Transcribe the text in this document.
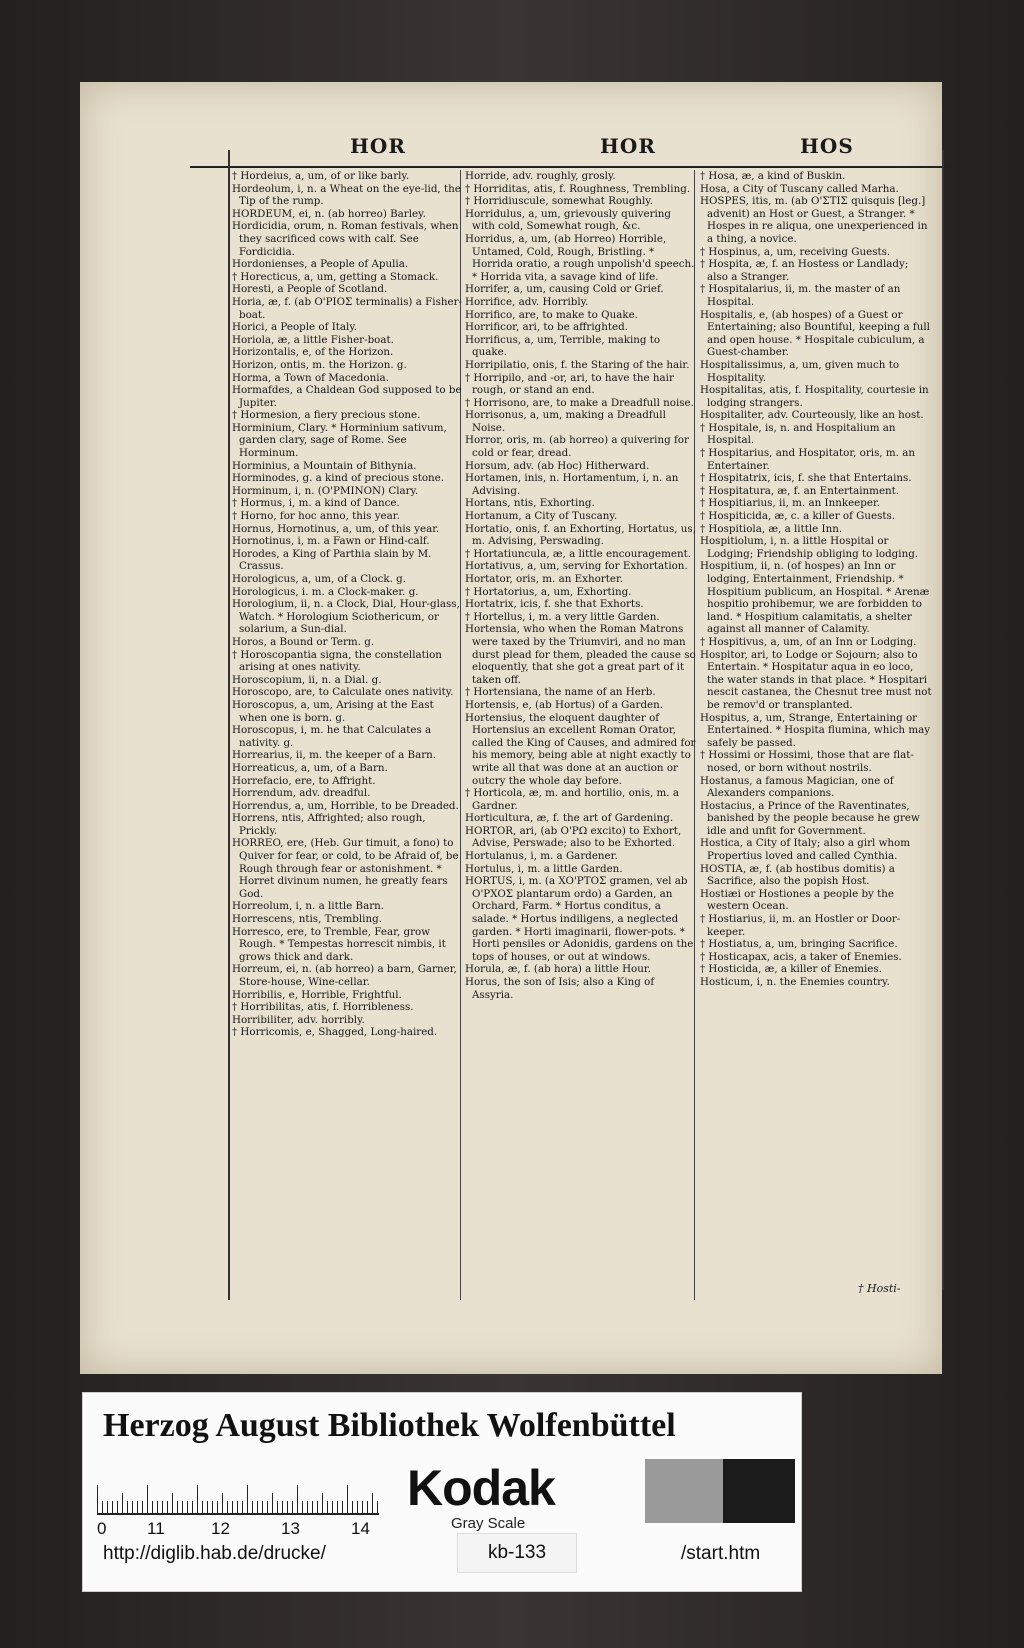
HOR	HOR	HOS

† Hordeius, a, um, of or like barly.

Hordeolum, i, n. a Wheat on the eye-lid, the Tip of the rump.

HORDEUM, ei, n. (ab horreo) Barley.

Hordicidia, orum, n. Roman festivals, when they sacrificed cows with calf. See Fordicidia.

Hordonienses, a People of Apulia.

† Horecticus, a, um, getting a Stomack.

Horesti, a People of Scotland.

Horia, æ, f. (ab O'PIOΣ terminalis) a Fisher-boat.

Horici, a People of Italy.

Horiola, æ, a little Fisher-boat.

Horizontalis, e, of the Horizon.

Horizon, ontis, m. the Horizon. g.

Horma, a Town of Macedonia.

Hormafdes, a Chaldean God supposed to be Jupiter.

† Hormesion, a fiery precious stone.

Horminium, Clary. * Horminium sativum, garden clary, sage of Rome. See Horminum.

Horminius, a Mountain of Bithynia.

Horminodes, g. a kind of precious stone.

Horminum, i, n. (O'PMINON) Clary.

† Hormus, i, m. a kind of Dance.

† Horno, for hoc anno, this year.

Hornus, Hornotinus, a, um, of this year.

Hornotinus, i, m. a Fawn or Hind-calf.

Horodes, a King of Parthia slain by M. Crassus.

Horologicus, a, um, of a Clock. g.

Horologicus, i. m. a Clock-maker. g.

Horologium, ii, n. a Clock, Dial, Hour-glass, Watch. * Horologium Sciothericum, or solarium, a Sun-dial.

Horos, a Bound or Term. g.

† Horoscopantia signa, the constellation arising at ones nativity.

Horoscopium, ii, n. a Dial. g.

Horoscopo, are, to Calculate ones nativity.

Horoscopus, a, um, Arising at the East when one is born. g.

Horoscopus, i, m. he that Calculates a nativity. g.

Horrearius, ii, m. the keeper of a Barn.

Horreaticus, a, um, of a Barn.

Horrefacio, ere, to Affright.

Horrendum, adv. dreadful.

Horrendus, a, um, Horrible, to be Dreaded.

Horrens, ntis, Affrighted; also rough, Prickly.

HORREO, ere, (Heb. Gur timuit, a fono) to Quiver for fear, or cold, to be Afraid of, be Rough through fear or astonishment. * Horret divinum numen, he greatly fears God.

Horreolum, i, n. a little Barn.

Horrescens, ntis, Trembling.

Horresco, ere, to Tremble, Fear, grow Rough. * Tempestas horrescit nimbis, it grows thick and dark.

Horreum, ei, n. (ab horreo) a barn, Garner, Store-house, Wine-cellar.

Horribilis, e, Horrible, Frightful.

† Horribilitas, atis, f. Horribleness.

Horribiliter, adv. horribly.

† Horricomis, e, Shagged, Long-haired.

Horride, adv. roughly, grosly.

† Horriditas, atis, f. Roughness, Trembling.

† Horridiuscule, somewhat Roughly.

Horridulus, a, um, grievously quivering with cold, Somewhat rough, &c.

Horridus, a, um, (ab Horreo) Horrible, Untamed, Cold, Rough, Bristling. * Horrida oratio, a rough unpolish'd speech. * Horrida vita, a savage kind of life.

Horrifer, a, um, causing Cold or Grief.

Horrifice, adv. Horribly.

Horrifico, are, to make to Quake.

Horrificor, ari, to be affrighted.

Horrificus, a, um, Terrible, making to quake.

Horripilatio, onis, f. the Staring of the hair.

† Horripilo, and -or, ari, to have the hair rough, or stand an end.

† Horrisono, are, to make a Dreadfull noise.

Horrisonus, a, um, making a Dreadfull Noise.

Horror, oris, m. (ab horreo) a quivering for cold or fear, dread.

Horsum, adv. (ab Hoc) Hitherward.

Hortamen, inis, n. Hortamentum, i, n. an Advising.

Hortans, ntis, Exhorting.

Hortanum, a City of Tuscany.

Hortatio, onis, f. an Exhorting, Hortatus, us, m. Advising, Perswading.

† Hortatiuncula, æ, a little encouragement.

Hortativus, a, um, serving for Exhortation.

Hortator, oris, m. an Exhorter.

† Hortatorius, a, um, Exhorting.

Hortatrix, icis, f. she that Exhorts.

† Hortellus, i, m. a very little Garden.

Hortensia, who when the Roman Matrons were taxed by the Triumviri, and no man durst plead for them, pleaded the cause so eloquently, that she got a great part of it taken off.

† Hortensiana, the name of an Herb.

Hortensis, e, (ab Hortus) of a Garden.

Hortensius, the eloquent daughter of Hortensius an excellent Roman Orator, called the King of Causes, and admired for his memory, being able at night exactly to write all that was done at an auction or outcry the whole day before.

† Horticola, æ, m. and hortilio, onis, m. a Gardner.

Horticultura, æ, f. the art of Gardening.

HORTOR, ari, (ab O'PΩ excito) to Exhort, Advise, Perswade; also to be Exhorted.

Hortulanus, i, m. a Gardener.

Hortulus, i, m. a little Garden.

HORTUS, i, m. (a XO'PTOΣ gramen, vel ab O'PXOΣ plantarum ordo) a Garden, an Orchard, Farm. * Hortus conditus, a salade. * Hortus indiligens, a neglected garden. * Horti imaginarii, flower-pots. * Horti pensiles or Adonidis, gardens on the tops of houses, or out at windows.

Horula, æ, f. (ab hora) a little Hour.

Horus, the son of Isis; also a King of Assyria.

† Hosa, æ, a kind of Buskin.

Hosa, a City of Tuscany called Marha.

HOSPES, itis, m. (ab O'ΣΤΙΣ quisquis [leg.] advenit) an Host or Guest, a Stranger. * Hospes in re aliqua, one unexperienced in a thing, a novice.

† Hospinus, a, um, receiving Guests.

† Hospita, æ, f. an Hostess or Landlady; also a Stranger.

† Hospitalarius, ii, m. the master of an Hospital.

Hospitalis, e, (ab hospes) of a Guest or Entertaining; also Bountiful, keeping a full and open house. * Hospitale cubiculum, a Guest-chamber.

Hospitalissimus, a, um, given much to Hospitality.

Hospitalitas, atis, f. Hospitality, courtesie in lodging strangers.

Hospitaliter, adv. Courteously, like an host.

† Hospitale, is, n. and Hospitalium an Hospital.

† Hospitarius, and Hospitator, oris, m. an Entertainer.

† Hospitatrix, icis, f. she that Entertains.

† Hospitatura, æ, f. an Entertainment.

† Hospitiarius, ii, m. an Innkeeper.

† Hospiticida, æ, c. a killer of Guests.

† Hospitiola, æ, a little Inn.

Hospitiolum, i, n. a little Hospital or Lodging; Friendship obliging to lodging.

Hospitium, ii, n. (of hospes) an Inn or lodging, Entertainment, Friendship. * Hospitium publicum, an Hospital. * Arenæ hospitio prohibemur, we are forbidden to land. * Hospitium calamitatis, a shelter against all manner of Calamity.

† Hospitivus, a, um, of an Inn or Lodging.

Hospitor, ari, to Lodge or Sojourn; also to Entertain. * Hospitatur aqua in eo loco, the water stands in that place. * Hospitari nescit castanea, the Chesnut tree must not be remov'd or transplanted.

Hospitus, a, um, Strange, Entertaining or Entertained. * Hospita flumina, which may safely be passed.

† Hossimi or Hossimi, those that are flat-nosed, or born without nostrils.

Hostanus, a famous Magician, one of Alexanders companions.

Hostacius, a Prince of the Raventinates, banished by the people because he grew idle and unfit for Government.

Hostica, a City of Italy; also a girl whom Propertius loved and called Cynthia.

HOSTIA, æ, f. (ab hostibus domitis) a Sacrifice, also the popish Host.

Hostiæi or Hostiones a people by the western Ocean.

† Hostiarius, ii, m. an Hostler or Door-keeper.

† Hostiatus, a, um, bringing Sacrifice.

† Hosticapax, acis, a taker of Enemies.

† Hosticida, æ, a killer of Enemies.

Hosticum, i, n. the Enemies country.

† Hosti-
Herzog August Bibliothek Wolfenbüttel
0 11	12	13	14
Kodak
Gray Scale
http://diglib.hab.de/drucke/	kb-133	/start.htm
